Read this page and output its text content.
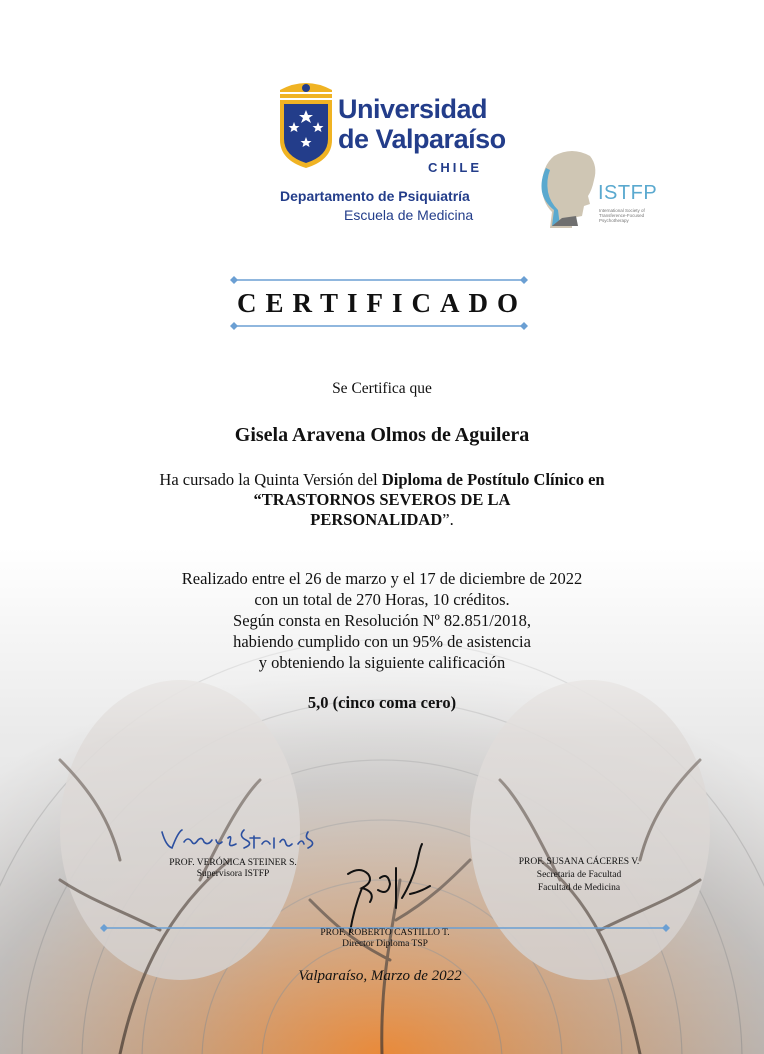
Universidad
de Valparaíso
CHILE
Departamento de Psiquiatría
Escuela de Medicina
ISTFP
International Society of Transference-Focused Psychotherapy
CERTIFICADO
Se Certifica que
Gisela Aravena Olmos de Aguilera
Ha cursado la Quinta Versión del Diploma de Postítulo Clínico en
“TRASTORNOS SEVEROS DE LA
PERSONALIDAD”.
Realizado entre el 26 de marzo y el 17 de diciembre de 2022
con un total de 270 Horas, 10 créditos.
Según consta en Resolución Nº 82.851/2018,
habiendo cumplido con un 95% de asistencia
y obteniendo la siguiente calificación
5,0 (cinco coma cero)
PROF. VERÓNICA STEINER S.
Supervisora ISTFP
PROF. SUSANA CÁCERES V.
Secretaria de Facultad
Facultad de Medicina
PROF. ROBERTO CASTILLO T.
Director Diploma TSP
Valparaíso, Marzo de 2022
